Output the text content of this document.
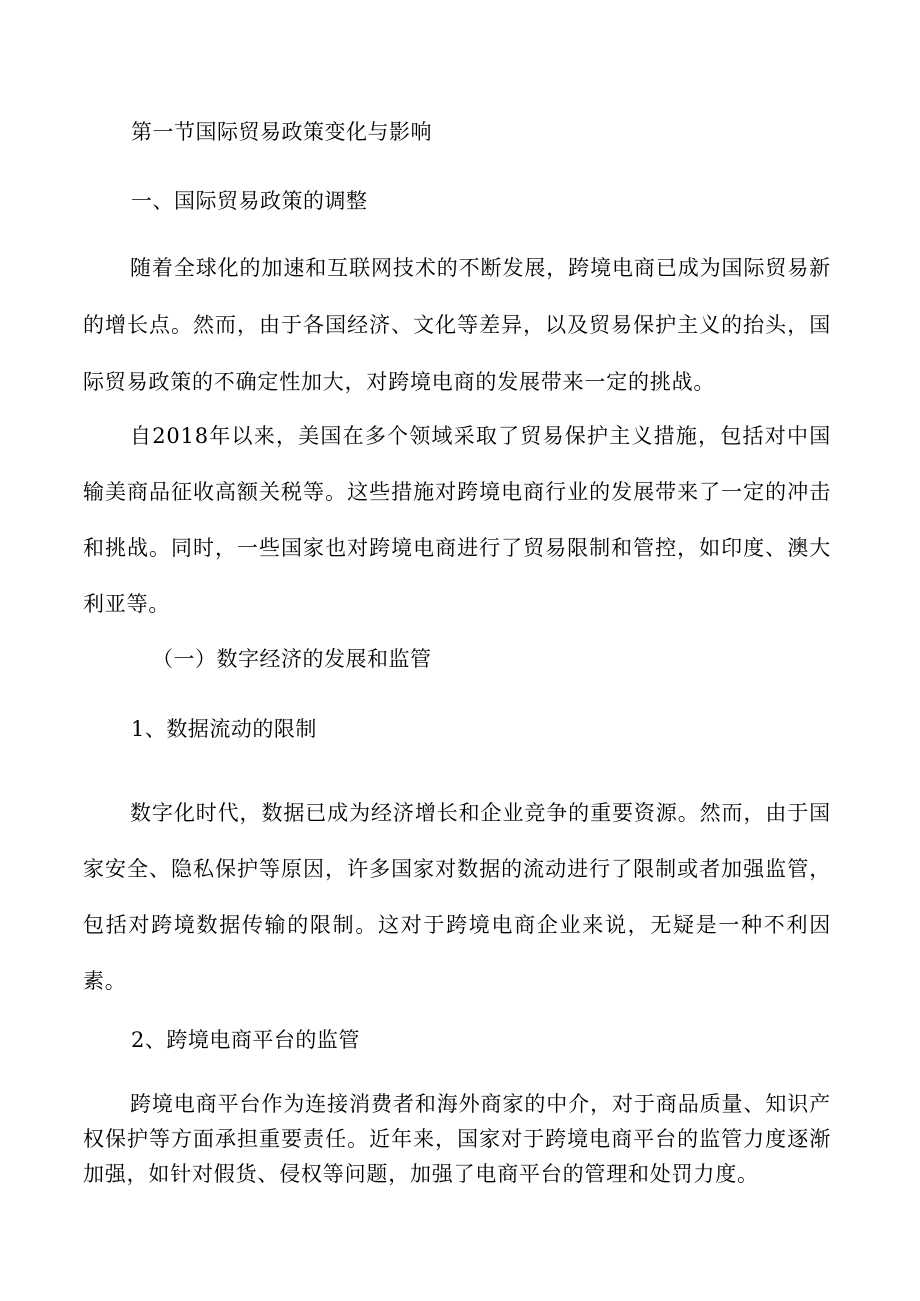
第一节国际贸易政策变化与影响

一、国际贸易政策的调整

随着全球化的加速和互联网技术的不断发展，跨境电商已成为国际贸易新的增长点。然而，由于各国经济、文化等差异，以及贸易保护主义的抬头，国际贸易政策的不确定性加大，对跨境电商的发展带来一定的挑战。

自2018年以来，美国在多个领域采取了贸易保护主义措施，包括对中国输美商品征收高额关税等。这些措施对跨境电商行业的发展带来了一定的冲击和挑战。同时，一些国家也对跨境电商进行了贸易限制和管控，如印度、澳大利亚等。

（一）数字经济的发展和监管

1、数据流动的限制

数字化时代，数据已成为经济增长和企业竞争的重要资源。然而，由于国家安全、隐私保护等原因，许多国家对数据的流动进行了限制或者加强监管，包括对跨境数据传输的限制。这对于跨境电商企业来说，无疑是一种不利因素。

2、跨境电商平台的监管

跨境电商平台作为连接消费者和海外商家的中介，对于商品质量、知识产权保护等方面承担重要责任。近年来，国家对于跨境电商平台的监管力度逐渐加强，如针对假货、侵权等问题，加强了电商平台的管理和处罚力度。
